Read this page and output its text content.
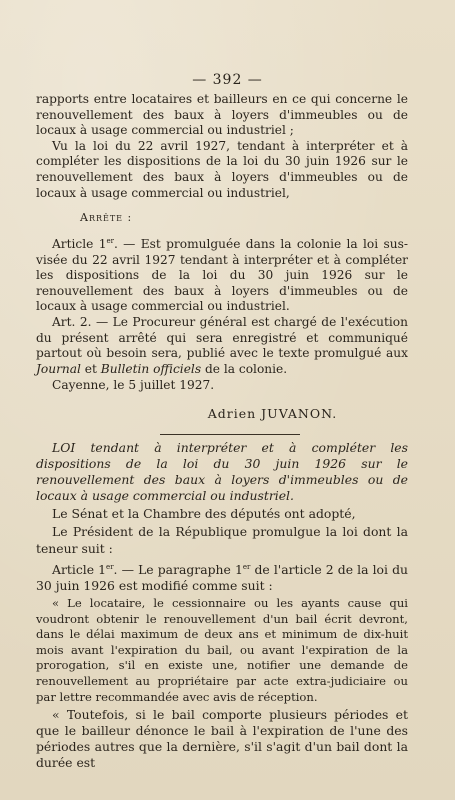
— 392 —

rapports entre locataires et bailleurs en ce qui concerne le renouvellement des baux à loyers d'immeubles ou de locaux à usage commercial ou industriel ;

Vu la loi du 22 avril 1927, tendant à interpréter et à compléter les dispositions de la loi du 30 juin 1926 sur le renouvellement des baux à loyers d'immeubles ou de locaux à usage commercial ou industriel,

Arrête :

Article 1er. — Est promulguée dans la colonie la loi sus-visée du 22 avril 1927 tendant à interpréter et à compléter les dispositions de la loi du 30 juin 1926 sur le renouvellement des baux à loyers d'immeubles ou de locaux à usage commercial ou industriel.

Art. 2. — Le Procureur général est chargé de l'exécution du présent arrêté qui sera enregistré et communiqué partout où besoin sera, publié avec le texte promulgué aux Journal et Bulletin officiels de la colonie.

Cayenne, le 5 juillet 1927.

Adrien JUVANON.

LOI tendant à interpréter et à compléter les dispositions de la loi du 30 juin 1926 sur le renouvellement des baux à loyers d'immeubles ou de locaux à usage commercial ou industriel.

Le Sénat et la Chambre des députés ont adopté,

Le Président de la République promulgue la loi dont la teneur suit :

Article 1er. — Le paragraphe 1er de l'article 2 de la loi du 30 juin 1926 est modifié comme suit :

« Le locataire, le cessionnaire ou les ayants cause qui voudront obtenir le renouvellement d'un bail écrit devront, dans le délai maximum de deux ans et minimum de dix-huit mois avant l'expiration du bail, ou avant l'expiration de la prorogation, s'il en existe une, notifier une demande de renouvellement au propriétaire par acte extra-judiciaire ou par lettre recommandée avec avis de réception.

« Toutefois, si le bail comporte plusieurs périodes et que le bailleur dénonce le bail à l'expiration de l'une des périodes autres que la dernière, s'il s'agit d'un bail dont la durée est
